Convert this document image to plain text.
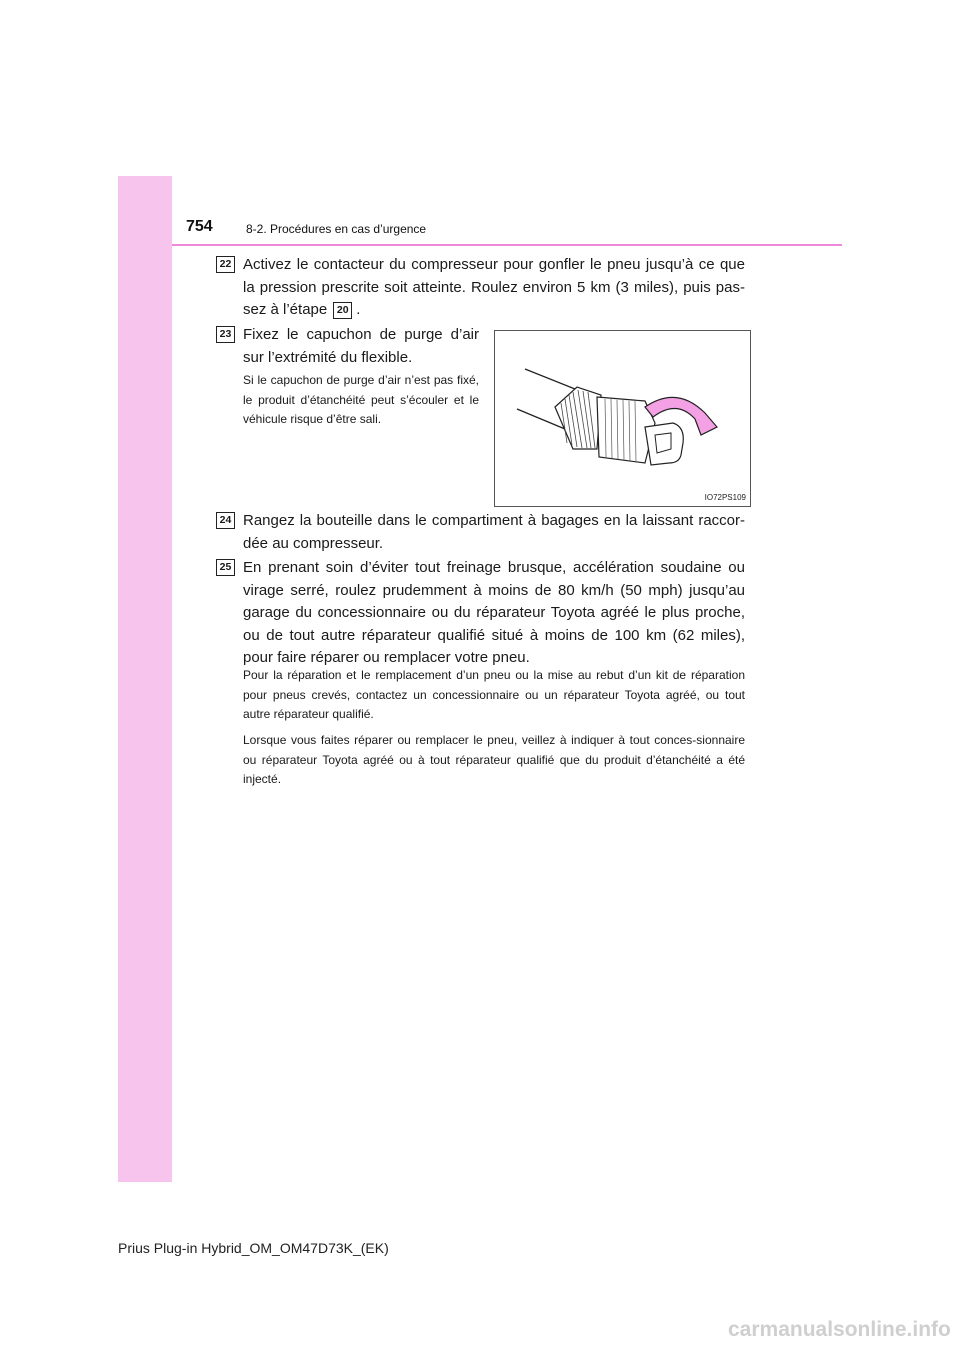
754	8-2. Procédures en cas d’urgence
22 Activez le contacteur du compresseur pour gonfler le pneu jusqu’à ce que la pression prescrite soit atteinte. Roulez environ 5 km (3 miles), puis pas-sez à l’étape 20 .
23 Fixez le capuchon de purge d’air sur l’extrémité du flexible.
Si le capuchon de purge d’air n’est pas fixé, le produit d’étanchéité peut s’écouler et le véhicule risque d’être sali.
IO72PS109
24 Rangez la bouteille dans le compartiment à bagages en la laissant raccor-dée au compresseur.
25 En prenant soin d’éviter tout freinage brusque, accélération soudaine ou virage serré, roulez prudemment à moins de 80 km/h (50 mph) jusqu’au garage du concessionnaire ou du réparateur Toyota agréé le plus proche, ou de tout autre réparateur qualifié situé à moins de 100 km (62 miles), pour faire réparer ou remplacer votre pneu.
Pour la réparation et le remplacement d’un pneu ou la mise au rebut d’un kit de réparation pour pneus crevés, contactez un concessionnaire ou un réparateur Toyota agréé, ou tout autre réparateur qualifié.
Lorsque vous faites réparer ou remplacer le pneu, veillez à indiquer à tout conces-sionnaire ou réparateur Toyota agréé ou à tout réparateur qualifié que du produit d’étanchéité a été injecté.
Prius Plug-in Hybrid_OM_OM47D73K_(EK)
carmanualsonline.info
